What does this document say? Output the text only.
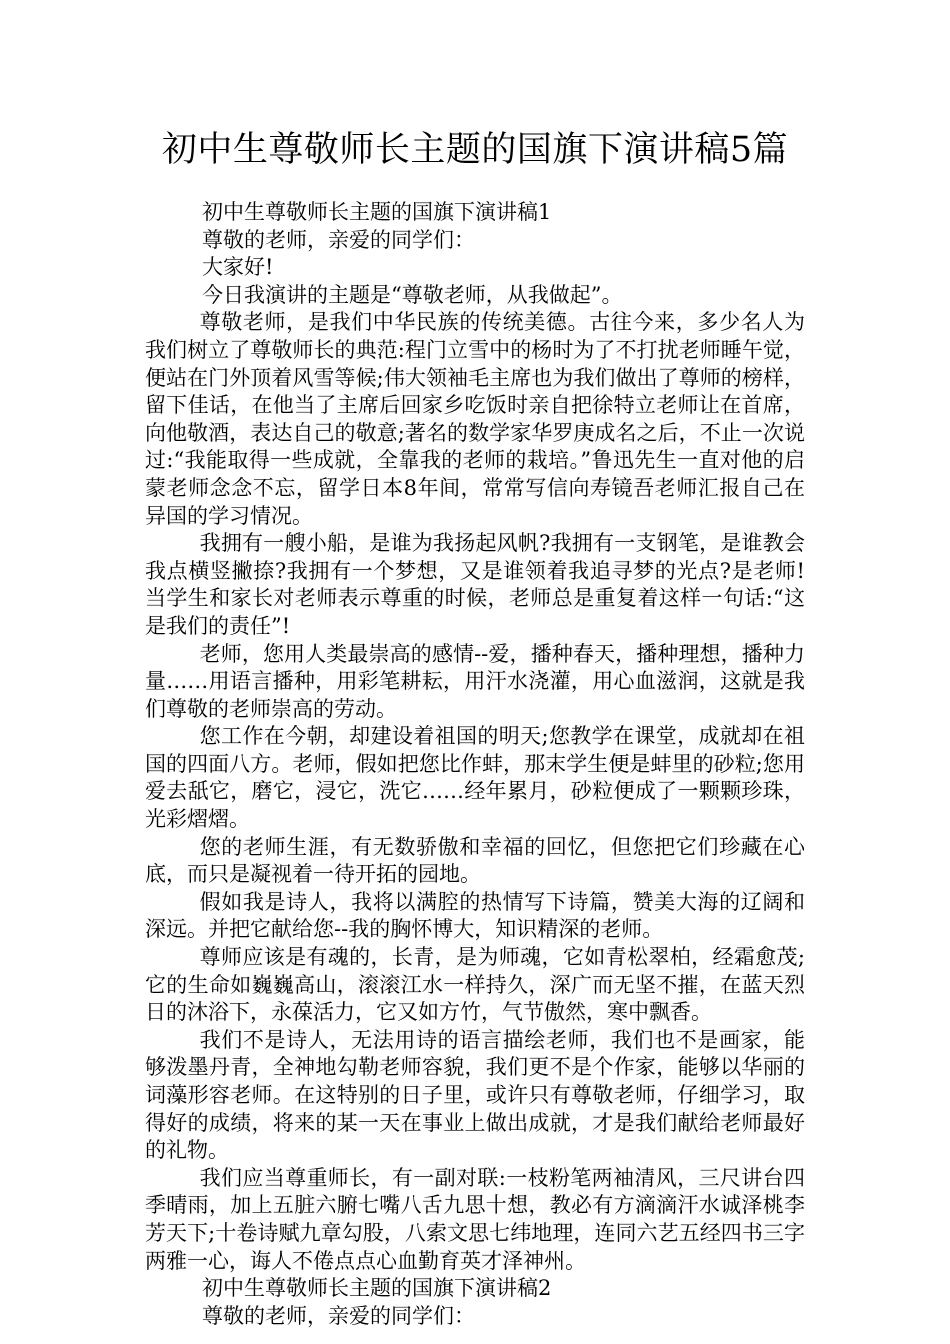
初中生尊敬师长主题的国旗下演讲稿5篇

初中生尊敬师长主题的国旗下演讲稿1

尊敬的老师，亲爱的同学们：

大家好!

今日我演讲的主题是“尊敬老师，从我做起”。

尊敬老师，是我们中华民族的传统美德。古往今来，多少名人为我们树立了尊敬师长的典范:程门立雪中的杨时为了不打扰老师睡午觉，便站在门外顶着风雪等候;伟大领袖毛主席也为我们做出了尊师的榜样，留下佳话，在他当了主席后回家乡吃饭时亲自把徐特立老师让在首席，向他敬酒，表达自己的敬意;著名的数学家华罗庚成名之后，不止一次说过:“我能取得一些成就，全靠我的老师的栽培。”鲁迅先生一直对他的启蒙老师念念不忘，留学日本8年间，常常写信向寿镜吾老师汇报自己在异国的学习情况。

我拥有一艘小船，是谁为我扬起风帆?我拥有一支钢笔，是谁教会我点横竖撇捺?我拥有一个梦想，又是谁领着我追寻梦的光点?是老师!当学生和家长对老师表示尊重的时候，老师总是重复着这样一句话:“这是我们的责任”!

老师，您用人类最崇高的感情--爱，播种春天，播种理想，播种力量……用语言播种，用彩笔耕耘，用汗水浇灌，用心血滋润，这就是我们尊敬的老师崇高的劳动。

您工作在今朝，却建设着祖国的明天;您教学在课堂，成就却在祖国的四面八方。老师，假如把您比作蚌，那末学生便是蚌里的砂粒;您用爱去舐它，磨它，浸它，洗它……经年累月，砂粒便成了一颗颗珍珠，光彩熠熠。

您的老师生涯，有无数骄傲和幸福的回忆，但您把它们珍藏在心底，而只是凝视着一待开拓的园地。

假如我是诗人，我将以满腔的热情写下诗篇，赞美大海的辽阔和深远。并把它献给您--我的胸怀博大，知识精深的老师。

尊师应该是有魂的，长青，是为师魂，它如青松翠柏，经霜愈茂;它的生命如巍巍高山，滚滚江水一样持久，深广而无坚不摧，在蓝天烈日的沐浴下，永葆活力，它又如方竹，气节傲然，寒中飘香。

我们不是诗人，无法用诗的语言描绘老师，我们也不是画家，能够泼墨丹青，全神地勾勒老师容貌，我们更不是个作家，能够以华丽的词藻形容老师。在这特别的日子里，或许只有尊敬老师，仔细学习，取得好的成绩，将来的某一天在事业上做出成就，才是我们献给老师最好的礼物。

我们应当尊重师长，有一副对联:一枝粉笔两袖清风，三尺讲台四季晴雨，加上五脏六腑七嘴八舌九思十想，教必有方滴滴汗水诚泽桃李芳天下;十卷诗赋九章勾股，八索文思七纬地理，连同六艺五经四书三字两雅一心，诲人不倦点点心血勤育英才泽神州。

初中生尊敬师长主题的国旗下演讲稿2

尊敬的老师，亲爱的同学们：
